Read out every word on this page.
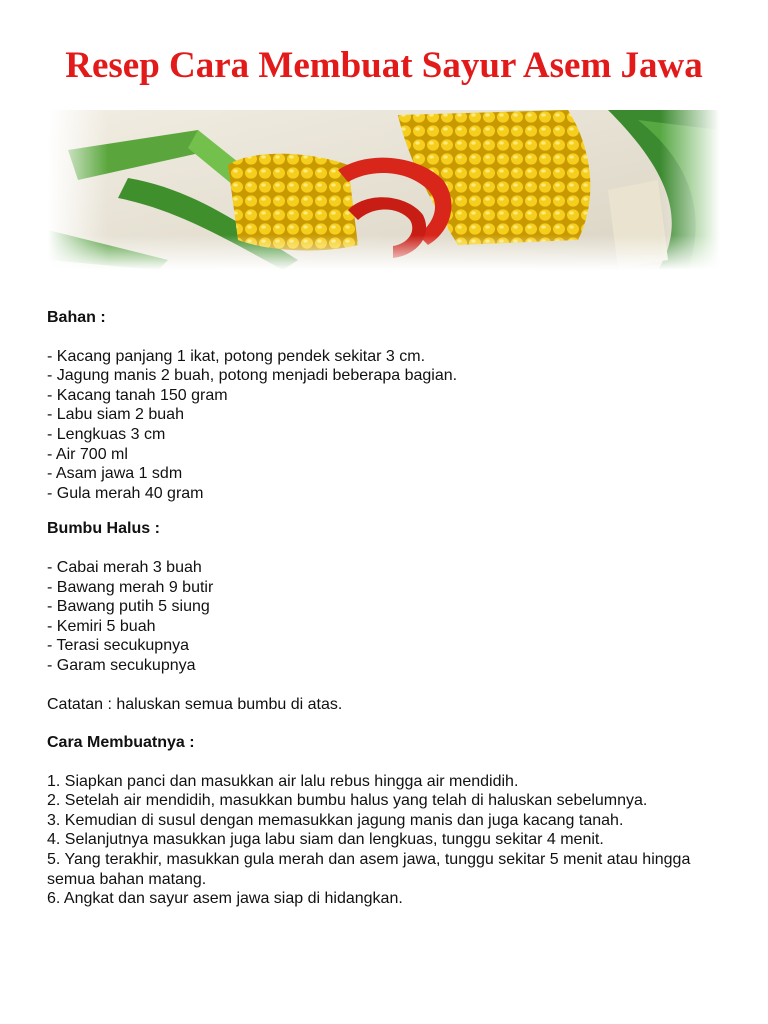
Resep Cara Membuat Sayur Asem Jawa

Bahan :

- Kacang panjang 1 ikat, potong pendek sekitar 3 cm.
- Jagung manis 2 buah, potong menjadi beberapa bagian.
- Kacang tanah 150 gram
- Labu siam 2 buah
- Lengkuas 3 cm
- Air 700 ml
- Asam jawa 1 sdm
- Gula merah 40 gram

Bumbu Halus :

- Cabai merah 3 buah
- Bawang merah 9 butir
- Bawang putih 5 siung
- Kemiri 5 buah
- Terasi secukupnya
- Garam secukupnya

Catatan : haluskan semua bumbu di atas.

Cara Membuatnya :

1. Siapkan panci dan masukkan air lalu rebus hingga air mendidih.
2. Setelah air mendidih, masukkan bumbu halus yang telah di haluskan sebelumnya.
3. Kemudian di susul dengan memasukkan jagung manis dan juga kacang tanah.
4. Selanjutnya masukkan juga labu siam dan lengkuas, tunggu sekitar 4 menit.
5. Yang terakhir, masukkan gula merah dan asem jawa, tunggu sekitar 5 menit atau hingga semua bahan matang.
6. Angkat dan sayur asem jawa siap di hidangkan.
